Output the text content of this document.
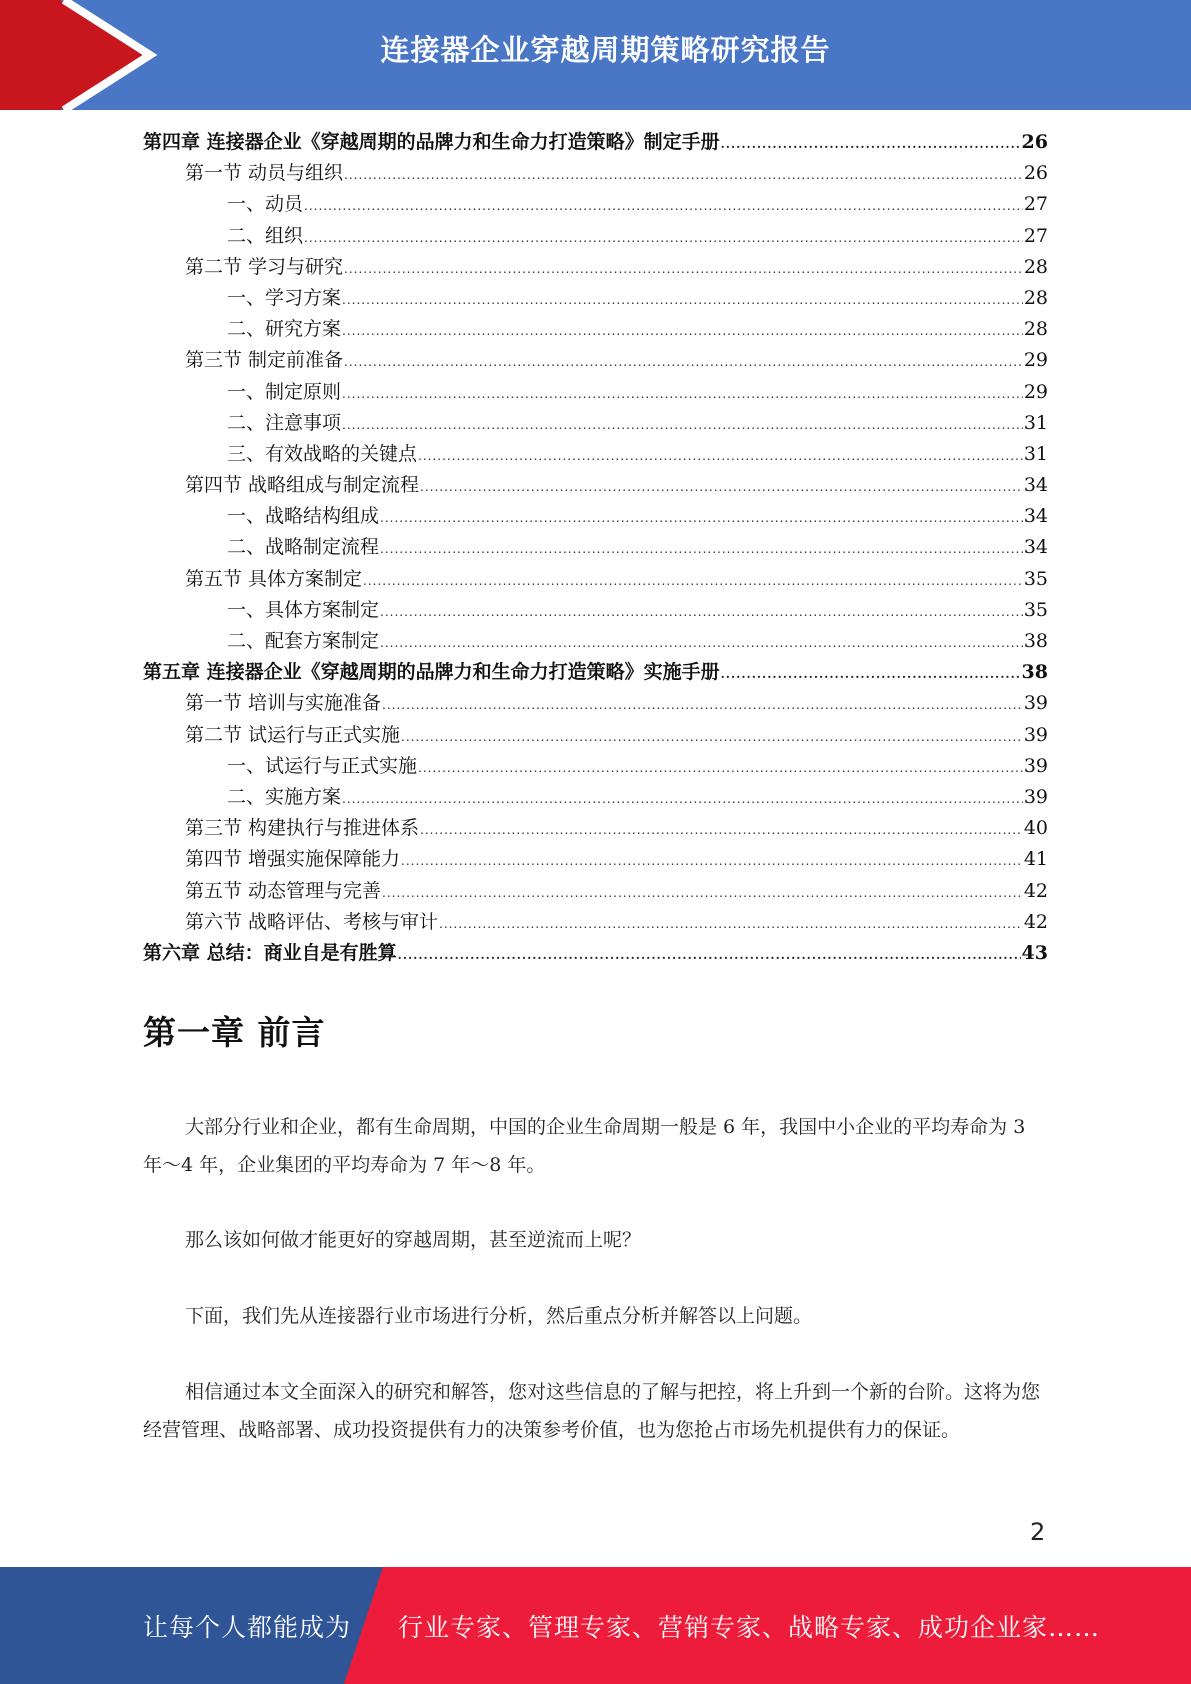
连接器企业穿越周期策略研究报告
第四章 连接器企业《穿越周期的品牌力和生命力打造策略》制定手册 .....	26
第一节 动员与组织 .....	26
一、动员 .....	27
二、组织 .....	27
第二节 学习与研究 .....	28
一、学习方案 .....	28
二、研究方案 .....	28
第三节 制定前准备 .....	29
一、制定原则 .....	29
二、注意事项 .....	31
三、有效战略的关键点 .....	31
第四节 战略组成与制定流程 .....	34
一、战略结构组成 .....	34
二、战略制定流程 .....	34
第五节 具体方案制定 .....	35
一、具体方案制定 .....	35
二、配套方案制定 .....	38
第五章 连接器企业《穿越周期的品牌力和生命力打造策略》实施手册 .....	38
第一节 培训与实施准备 .....	39
第二节 试运行与正式实施 .....	39
一、试运行与正式实施 .....	39
二、实施方案 .....	39
第三节 构建执行与推进体系 .....	40
第四节 增强实施保障能力 .....	41
第五节 动态管理与完善 .....	42
第六节 战略评估、考核与审计 .....	42
第六章 总结：商业自是有胜算 .....	43
第一章 前言

大部分行业和企业，都有生命周期，中国的企业生命周期一般是 6 年，我国中小企业的平均寿命为 3 年～4 年，企业集团的平均寿命为 7 年～8 年。

那么该如何做才能更好的穿越周期，甚至逆流而上呢？

下面，我们先从连接器行业市场进行分析，然后重点分析并解答以上问题。

相信通过本文全面深入的研究和解答，您对这些信息的了解与把控，将上升到一个新的台阶。这将为您经营管理、战略部署、成功投资提供有力的决策参考价值，也为您抢占市场先机提供有力的保证。

2
让每个人都能成为 行业专家、管理专家、营销专家、战略专家、成功企业家……
